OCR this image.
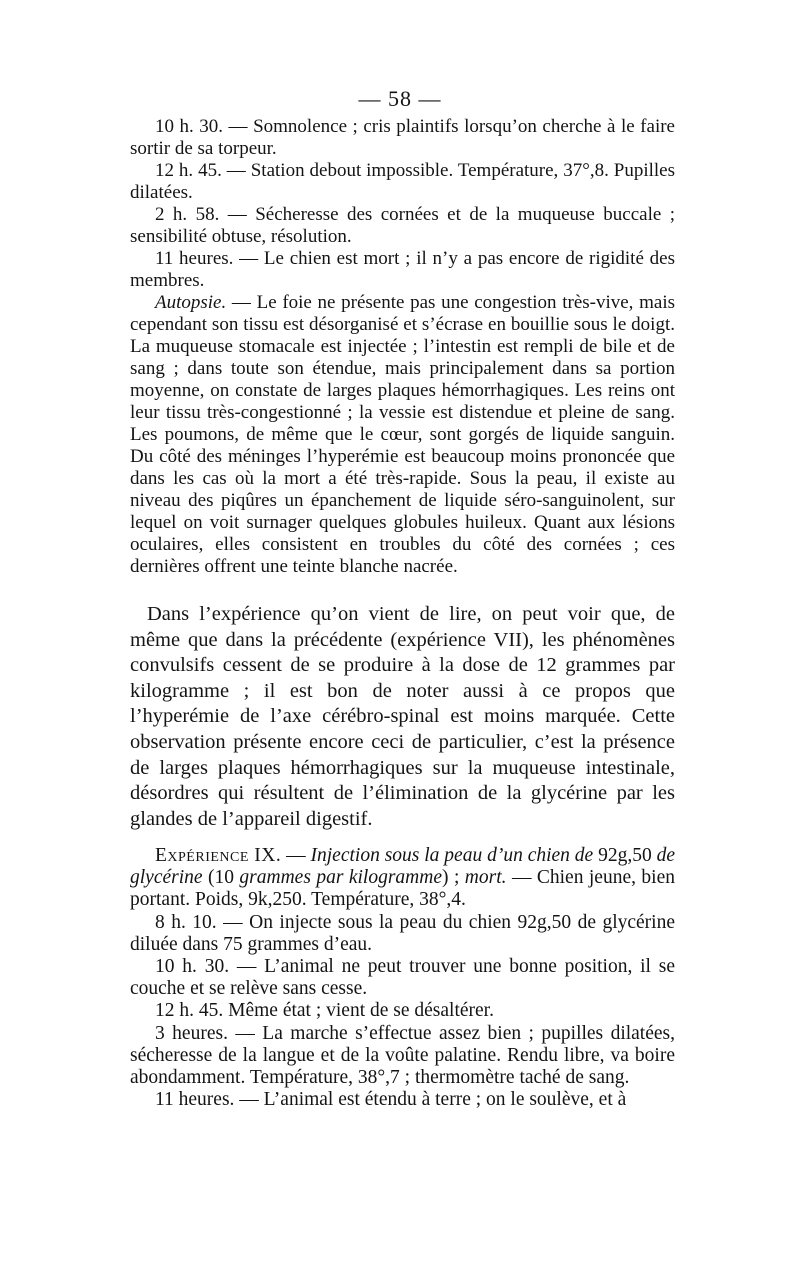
— 58 —

10 h. 30. — Somnolence ; cris plaintifs lorsqu’on cherche à le faire sortir de sa torpeur.

12 h. 45. — Station debout impossible. Température, 37°,8. Pupilles dilatées.

2 h. 58. — Sécheresse des cornées et de la muqueuse buccale ; sensibilité obtuse, résolution.

11 heures. — Le chien est mort ; il n’y a pas encore de rigidité des membres.

Autopsie. — Le foie ne présente pas une congestion très-vive, mais cependant son tissu est désorganisé et s’écrase en bouillie sous le doigt. La muqueuse stomacale est injectée ; l’intestin est rempli de bile et de sang ; dans toute son étendue, mais principalement dans sa portion moyenne, on constate de larges plaques hémorrhagiques. Les reins ont leur tissu très-congestionné ; la vessie est distendue et pleine de sang. Les poumons, de même que le cœur, sont gorgés de liquide sanguin. Du côté des méninges l’hyperémie est beaucoup moins prononcée que dans les cas où la mort a été très-rapide. Sous la peau, il existe au niveau des piqûres un épanchement de liquide séro-sanguinolent, sur lequel on voit surnager quelques globules huileux. Quant aux lésions oculaires, elles consistent en troubles du côté des cornées ; ces dernières offrent une teinte blanche nacrée.

Dans l’expérience qu’on vient de lire, on peut voir que, de même que dans la précédente (expérience VII), les phénomènes convulsifs cessent de se produire à la dose de 12 grammes par kilogramme ; il est bon de noter aussi à ce propos que l’hyperémie de l’axe cérébro-spinal est moins marquée. Cette observation présente encore ceci de particulier, c’est la présence de larges plaques hémorrhagiques sur la muqueuse intestinale, désordres qui résultent de l’élimination de la glycérine par les glandes de l’appareil digestif.

Expérience IX. — Injection sous la peau d’un chien de 92g,50 de glycérine (10 grammes par kilogramme) ; mort. — Chien jeune, bien portant. Poids, 9k,250. Température, 38°,4.

8 h. 10. — On injecte sous la peau du chien 92g,50 de glycérine diluée dans 75 grammes d’eau.

10 h. 30. — L’animal ne peut trouver une bonne position, il se couche et se relève sans cesse.

12 h. 45. Même état ; vient de se désaltérer.

3 heures. — La marche s’effectue assez bien ; pupilles dilatées, sécheresse de la langue et de la voûte palatine. Rendu libre, va boire abondamment. Température, 38°,7 ; thermomètre taché de sang.

11 heures. — L’animal est étendu à terre ; on le soulève, et à
